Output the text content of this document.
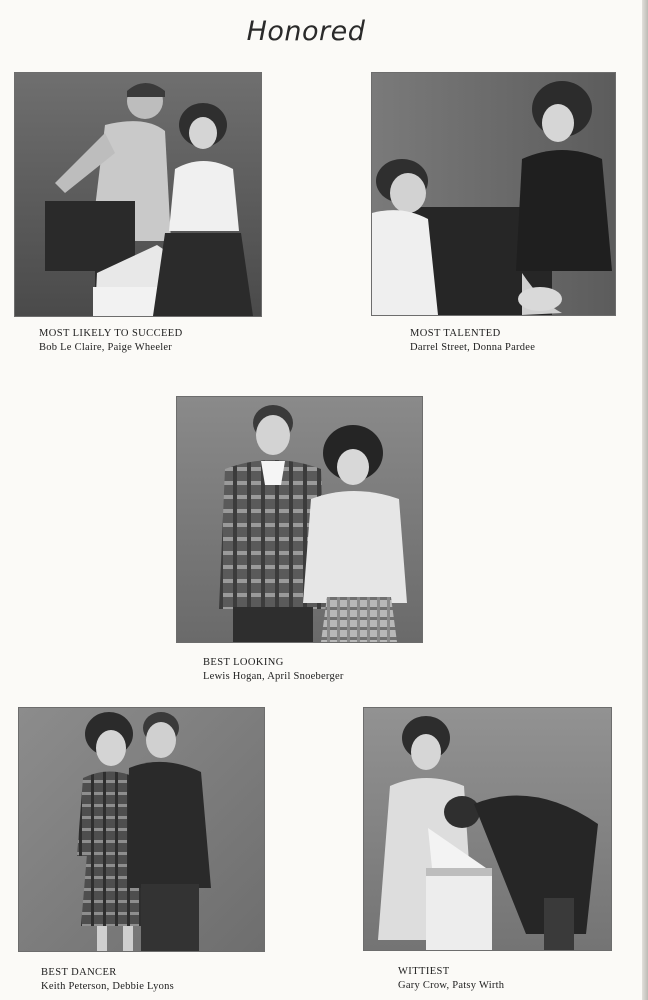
Honored
MOST LIKELY TO SUCCEED
Bob Le Claire, Paige Wheeler
MOST TALENTED
Darrel Street, Donna Pardee
BEST LOOKING
Lewis Hogan, April Snoeberger
BEST DANCER
Keith Peterson, Debbie Lyons
WITTIEST
Gary Crow, Patsy Wirth
